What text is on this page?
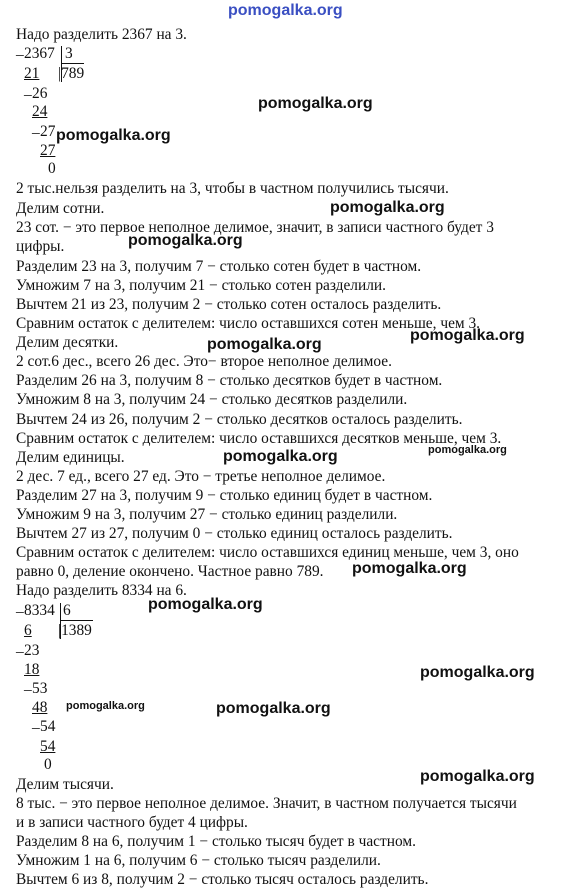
pomogalka.org
Надо разделить 2367 на 3.
_ 2367 3
|789
21
_ 26
24
_ 27
27
0
pomogalka.org
pomogalka.org
2 тыс.нельзя разделить на 3, чтобы в частном получились тысячи.
Делим сотни.	pomogalka.org
23 сот. − это первое неполное делимое, значит, в записи частного будет 3
цифры.	pomogalka.org
Разделим 23 на 3, получим 7 − столько сотен будет в частном.
Умножим 7 на 3, получим 21 − столько сотен разделили.
Вычтем 21 из 23, получим 2 − столько сотен осталось разделить.
Сравним остаток с делителем: число оставшихся сотен меньше, чем 3.
pomogalka.org
Делим десятки.	pomogalka.org
2 сот.6 дес., всего 26 дес. Это− второе неполное делимое.
Разделим 26 на 3, получим 8 − столько десятков будет в частном.
Умножим 8 на 3, получим 24 − столько десятков разделили.
Вычтем 24 из 26, получим 2 − столько десятков осталось разделить.
Сравним остаток с делителем: число оставшихся десятков меньше, чем 3.
pomogalka.org
Делим единицы.	pomogalka.org
2 дес. 7 ед., всего 27 ед. Это − третье неполное делимое.
Разделим 27 на 3, получим 9 − столько единиц будет в частном.
Умножим 9 на 3, получим 27 − столько единиц разделили.
Вычтем 27 из 27, получим 0 − столько единиц осталось разделить.
Сравним остаток с делителем: число оставшихся единиц меньше, чем 3, оно
равно 0, деление окончено. Частное равно 789. pomogalka.org
Надо разделить 8334 на 6.
_ 8334 6
|1389
6
_ 23
18
_ 53
48
_ 54
54
0
pomogalka.org
pomogalka.org
pomogalka.org	pomogalka.org
Делим тысячи.	pomogalka.org
8 тыс. − это первое неполное делимое. Значит, в частном получается тысячи
и в записи частного будет 4 цифры.
Разделим 8 на 6, получим 1 − столько тысяч будет в частном.
Умножим 1 на 6, получим 6 − столько тысяч разделили.
Вычтем 6 из 8, получим 2 − столько тысяч осталось разделить.
